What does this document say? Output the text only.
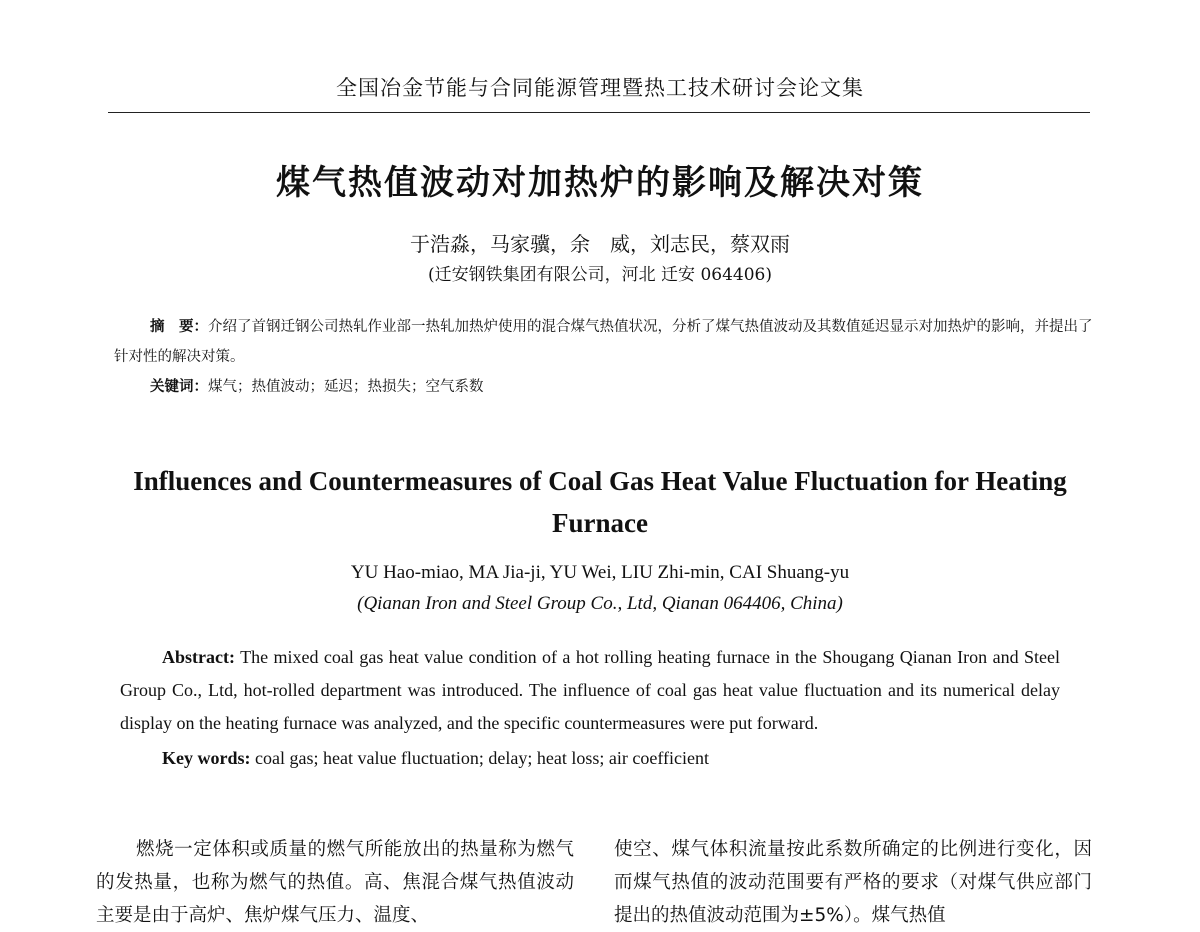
全国冶金节能与合同能源管理暨热工技术研讨会论文集
煤气热值波动对加热炉的影响及解决对策
于浩淼，马家骥，余　威，刘志民，蔡双雨
(迁安钢铁集团有限公司，河北 迁安 064406)
摘　要：介绍了首钢迁钢公司热轧作业部一热轧加热炉使用的混合煤气热值状况，分析了煤气热值波动及其数值延迟显示对加热炉的影响，并提出了针对性的解决对策。
关键词：煤气；热值波动；延迟；热损失；空气系数
Influences and Countermeasures of Coal Gas Heat Value Fluctuation for Heating Furnace
YU Hao-miao, MA Jia-ji, YU Wei, LIU Zhi-min, CAI Shuang-yu
(Qianan Iron and Steel Group Co., Ltd, Qianan 064406, China)

Abstract: The mixed coal gas heat value condition of a hot rolling heating furnace in the Shougang Qianan Iron and Steel Group Co., Ltd, hot-rolled department was introduced. The influence of coal gas heat value fluctuation and its numerical delay display on the heating furnace was analyzed, and the specific countermeasures were put forward.

Key words: coal gas; heat value fluctuation; delay; heat loss; air coefficient

燃烧一定体积或质量的燃气所能放出的热量称为燃气的发热量，也称为燃气的热值。高、焦混合煤气热值波动主要是由于高炉、焦炉煤气压力、温度、

使空、煤气体积流量按此系数所确定的比例进行变化，因而煤气热值的波动范围要有严格的要求（对煤气供应部门提出的热值波动范围为±5%）。煤气热值
